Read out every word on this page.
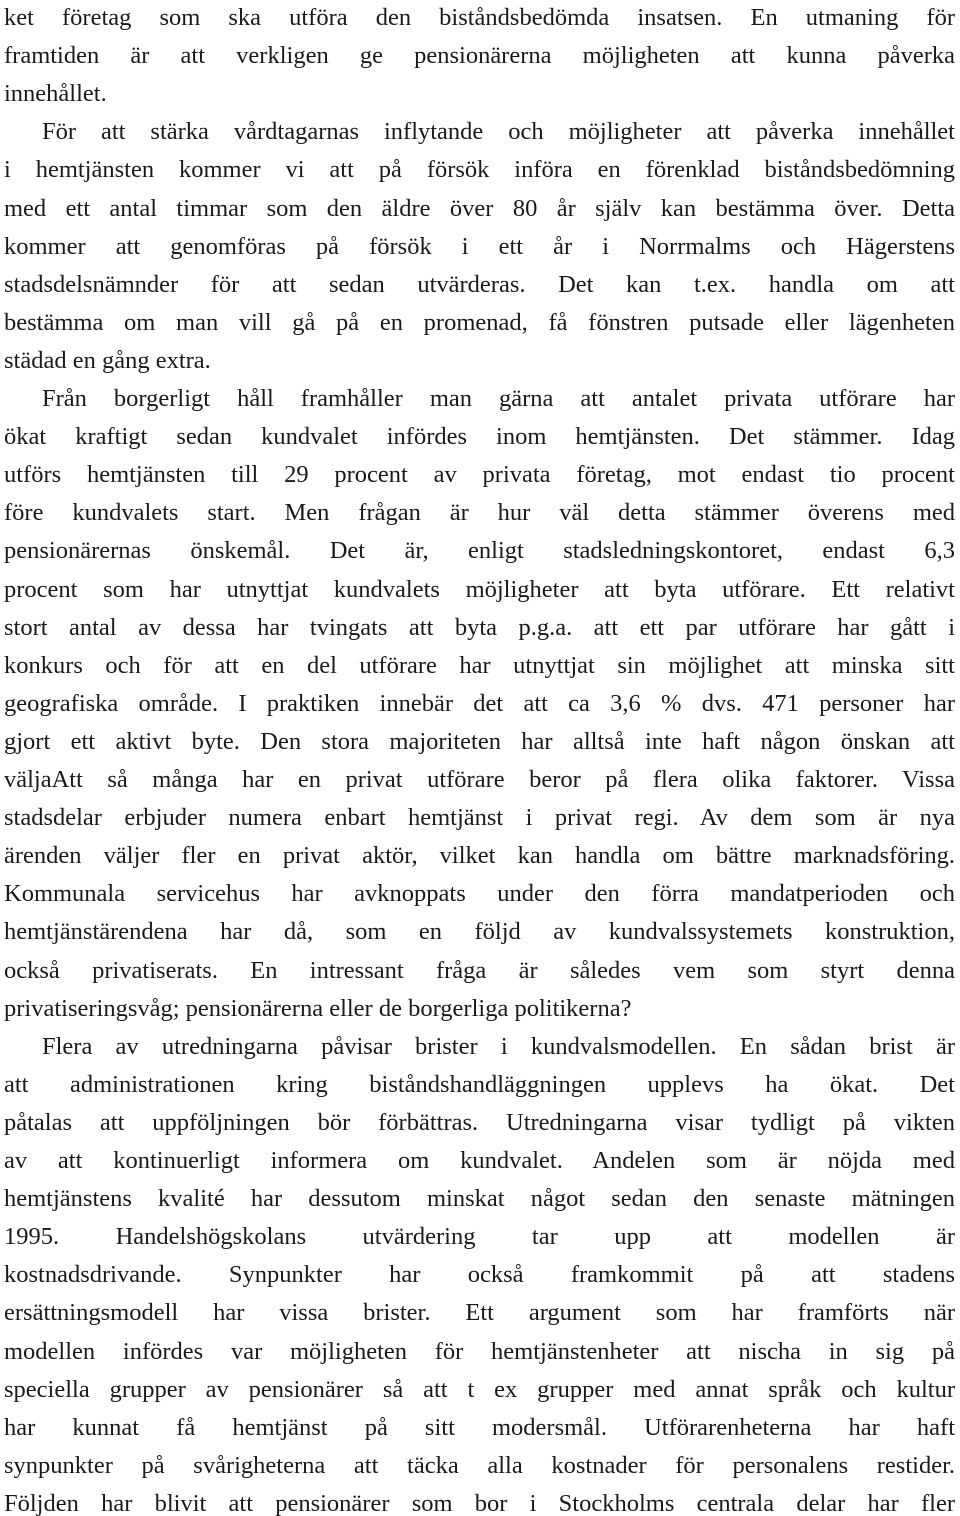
ket företag som ska utföra den biståndsbedömda insatsen. En utmaning för
framtiden är att verkligen ge pensionärerna möjligheten att kunna påverka
innehållet.
För att stärka vårdtagarnas inflytande och möjligheter att påverka innehållet
i hemtjänsten kommer vi att på försök införa en förenklad biståndsbedömning
med ett antal timmar som den äldre över 80 år själv kan bestämma över. Detta
kommer att genomföras på försök i ett år i Norrmalms och Hägerstens
stadsdelsnämnder för att sedan utvärderas. Det kan t.ex. handla om att
bestämma om man vill gå på en promenad, få fönstren putsade eller lägenheten
städad en gång extra.
Från borgerligt håll framhåller man gärna att antalet privata utförare har
ökat kraftigt sedan kundvalet infördes inom hemtjänsten. Det stämmer. Idag
utförs hemtjänsten till 29 procent av privata företag, mot endast tio procent
före kundvalets start. Men frågan är hur väl detta stämmer överens med
pensionärernas önskemål. Det är, enligt stadsledningskontoret, endast 6,3
procent som har utnyttjat kundvalets möjligheter att byta utförare. Ett relativt
stort antal av dessa har tvingats att byta p.g.a. att ett par utförare har gått i
konkurs och för att en del utförare har utnyttjat sin möjlighet att minska sitt
geografiska område. I praktiken innebär det att ca 3,6 % dvs. 471 personer har
gjort ett aktivt byte. Den stora majoriteten har alltså inte haft någon önskan att
väljaAtt så många har en privat utförare beror på flera olika faktorer. Vissa
stadsdelar erbjuder numera enbart hemtjänst i privat regi. Av dem som är nya
ärenden väljer fler en privat aktör, vilket kan handla om bättre marknadsföring.
Kommunala servicehus har avknoppats under den förra mandatperioden och
hemtjänstärendena har då, som en följd av kundvalssystemets konstruktion,
också privatiserats. En intressant fråga är således vem som styrt denna
privatiseringsvåg; pensionärerna eller de borgerliga politikerna?
Flera av utredningarna påvisar brister i kundvalsmodellen. En sådan brist är
att administrationen kring biståndshandläggningen upplevs ha ökat. Det
påtalas att uppföljningen bör förbättras. Utredningarna visar tydligt på vikten
av att kontinuerligt informera om kundvalet. Andelen som är nöjda med
hemtjänstens kvalité har dessutom minskat något sedan den senaste mätningen
1995. Handelshögskolans utvärdering tar upp att modellen är
kostnadsdrivande. Synpunkter har också framkommit på att stadens
ersättningsmodell har vissa brister. Ett argument som har framförts när
modellen infördes var möjligheten för hemtjänstenheter att nischa in sig på
speciella grupper av pensionärer så att t ex grupper med annat språk och kultur
har kunnat få hemtjänst på sitt modersmål. Utförarenheterna har haft
synpunkter på svårigheterna att täcka alla kostnader för personalens restider.
Följden har blivit att pensionärer som bor i Stockholms centrala delar har fler
